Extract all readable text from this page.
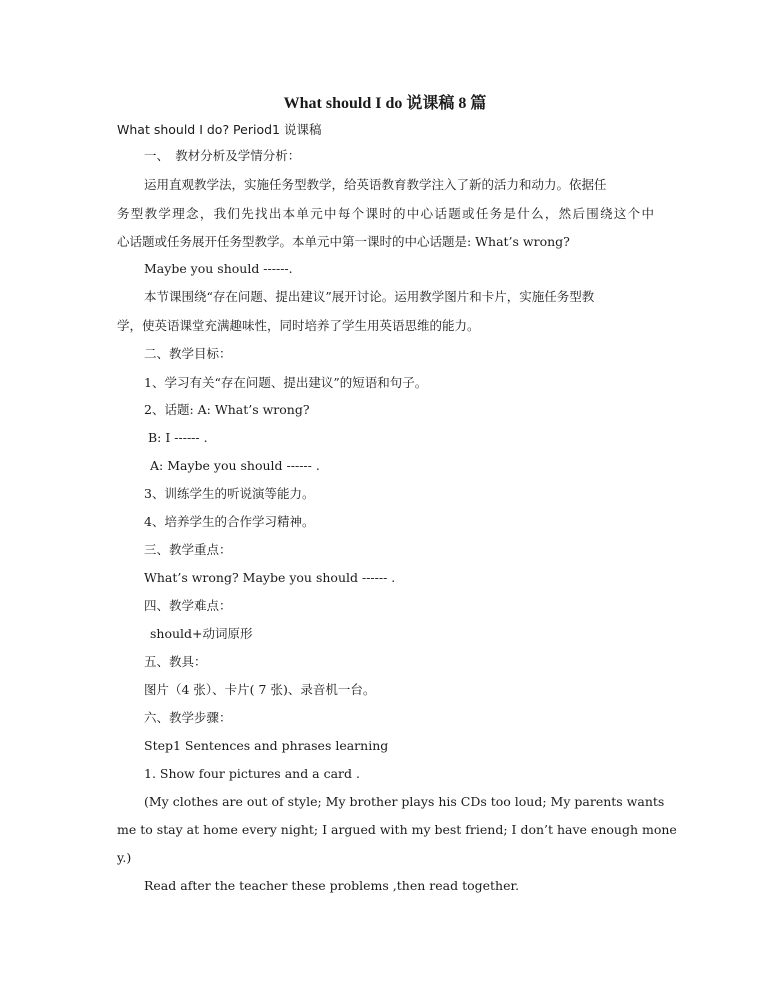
What should I do 说课稿 8 篇
What should I do? Period1 说课稿
一、　教材分析及学情分析：
运用直观教学法，实施任务型教学，给英语教育教学注入了新的活力和动力。依据任
务型教学理念，我们先找出本单元中每个课时的中心话题或任务是什么，然后围绕这个中
心话题或任务展开任务型教学。本单元中第一课时的中心话题是: What’s wrong?
Maybe you should ------.
本节课围绕“存在问题、提出建议”展开讨论。运用教学图片和卡片，实施任务型教
学，使英语课堂充满趣味性，同时培养了学生用英语思维的能力。
二、教学目标：
1、学习有关“存在问题、提出建议”的短语和句子。
2、话题: A: What’s wrong?
B: I ------ .
A: Maybe you should ------ .
3、训练学生的听说演等能力。
4、培养学生的合作学习精神。
三、教学重点：
What’s wrong? Maybe you should ------ .
四、教学难点：
should+动词原形
五、教具：
图片（4 张）、卡片( 7 张)、录音机一台。
六、教学步骤：
Step1 Sentences and phrases learning
1. Show four pictures and a card .
(My clothes are out of style; My brother plays his CDs too loud; My parents wants
me to stay at home every night; I argued with my best friend; I don’t have enough mone
y.)
Read after the teacher these problems ,then read together.
